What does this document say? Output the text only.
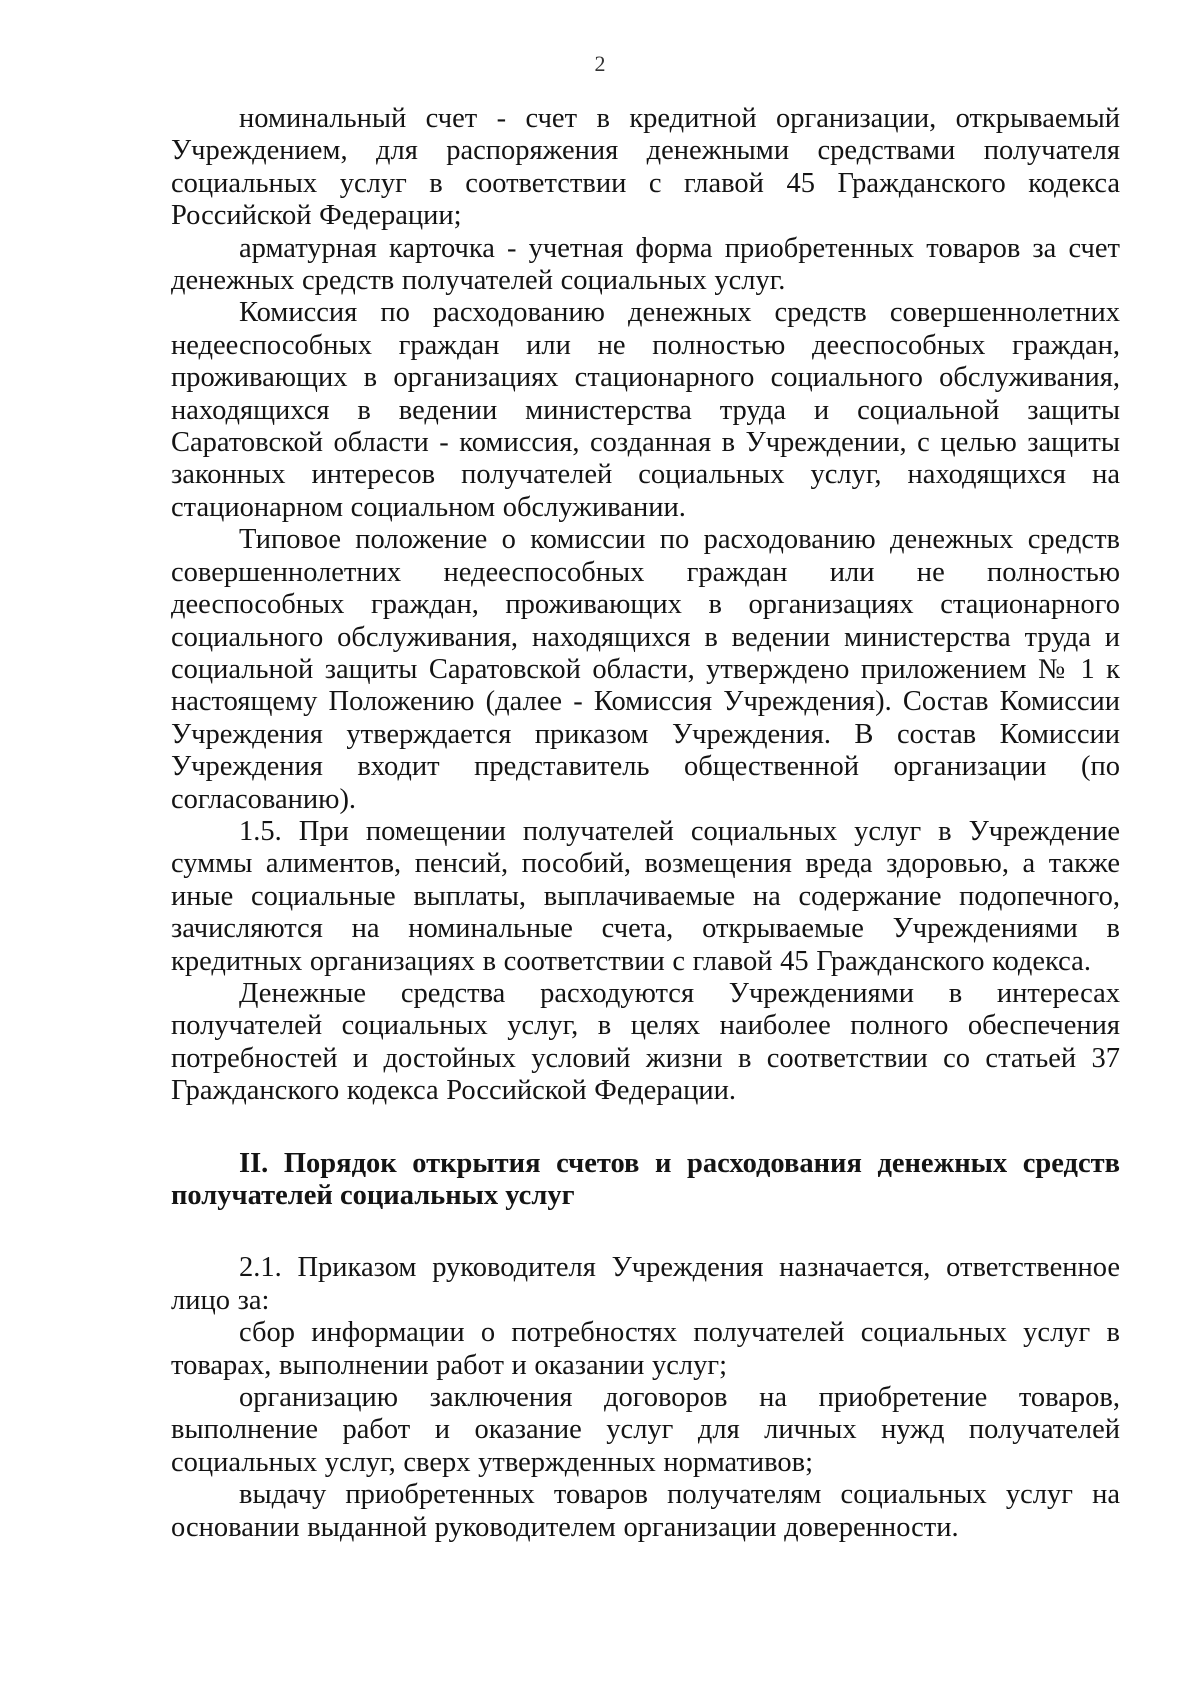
2

номинальный счет - счет в кредитной организации, открываемый Учреждением, для распоряжения денежными средствами получателя социальных услуг в соответствии с главой 45 Гражданского кодекса Российской Федерации;

арматурная карточка - учетная форма приобретенных товаров за счет денежных средств получателей социальных услуг.

Комиссия по расходованию денежных средств совершеннолетних недееспособных граждан или не полностью дееспособных граждан, проживающих в организациях стационарного социального обслуживания, находящихся в ведении министерства труда и социальной защиты Саратовской области - комиссия, созданная в Учреждении, с целью защиты законных интересов получателей социальных услуг, находящихся на стационарном социальном обслуживании.

Типовое положение о комиссии по расходованию денежных средств совершеннолетних недееспособных граждан или не полностью дееспособных граждан, проживающих в организациях стационарного социального обслуживания, находящихся в ведении министерства труда и социальной защиты Саратовской области, утверждено приложением № 1 к настоящему Положению (далее - Комиссия Учреждения). Состав Комиссии Учреждения утверждается приказом Учреждения. В состав Комиссии Учреждения входит представитель общественной организации (по согласованию).

1.5. При помещении получателей социальных услуг в Учреждение суммы алиментов, пенсий, пособий, возмещения вреда здоровью, а также иные социальные выплаты, выплачиваемые на содержание подопечного, зачисляются на номинальные счета, открываемые Учреждениями в кредитных организациях в соответствии с главой 45 Гражданского кодекса.

Денежные средства расходуются Учреждениями в интересах получателей социальных услуг, в целях наиболее полного обеспечения потребностей и достойных условий жизни в соответствии со статьей 37 Гражданского кодекса Российской Федерации.

II. Порядок открытия счетов и расходования денежных средств получателей социальных услуг

2.1. Приказом руководителя Учреждения назначается, ответственное лицо за:

сбор информации о потребностях получателей социальных услуг в товарах, выполнении работ и оказании услуг;

организацию заключения договоров на приобретение товаров, выполнение работ и оказание услуг для личных нужд получателей социальных услуг, сверх утвержденных нормативов;

выдачу приобретенных товаров получателям социальных услуг на основании выданной руководителем организации доверенности.
